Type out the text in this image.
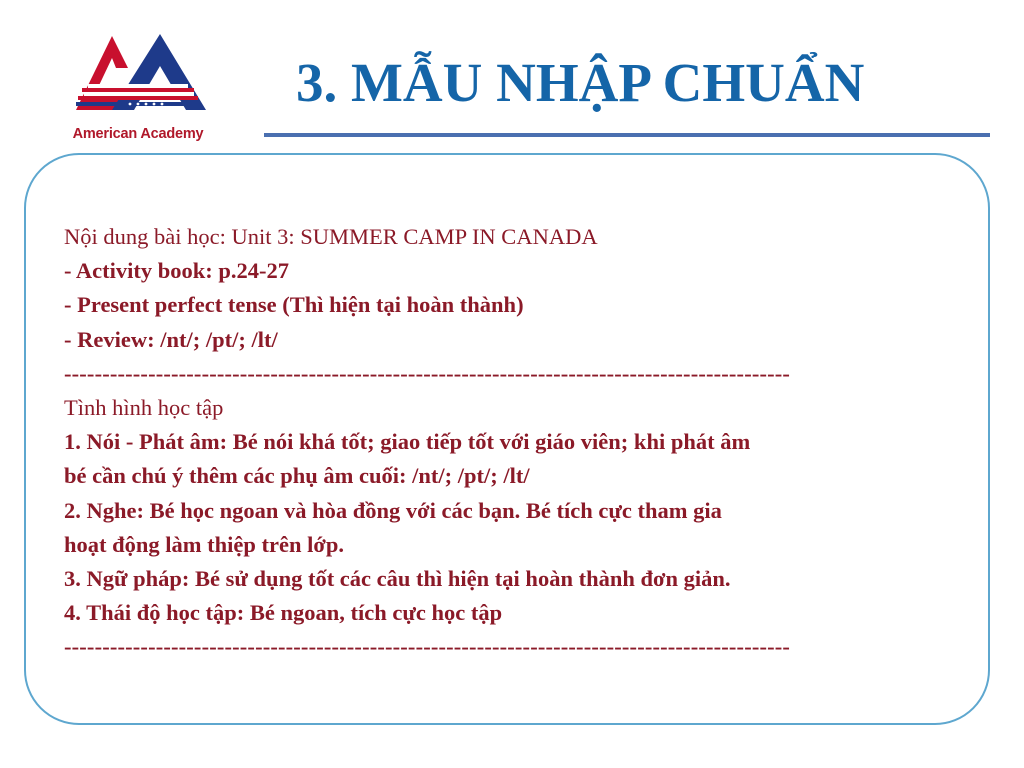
American Academy
3. MẪU NHẬP CHUẨN
Nội dung bài học: Unit 3: SUMMER CAMP IN CANADA
- Activity book: p.24-27
- Present perfect tense (Thì hiện tại hoàn thành)
- Review: /nt/; /pt/; /lt/
-----------------------------------------------------------------------------------------------
Tình hình học tập
1. Nói - Phát âm: Bé nói khá tốt; giao tiếp tốt với giáo viên; khi phát âm
bé cần chú ý thêm các phụ âm cuối: /nt/; /pt/; /lt/
2. Nghe: Bé học ngoan và hòa đồng với các bạn. Bé tích cực tham gia
hoạt động làm thiệp trên lớp.
3. Ngữ pháp: Bé sử dụng tốt các câu thì hiện tại hoàn thành đơn giản.
4. Thái độ học tập: Bé ngoan, tích cực học tập
-----------------------------------------------------------------------------------------------
